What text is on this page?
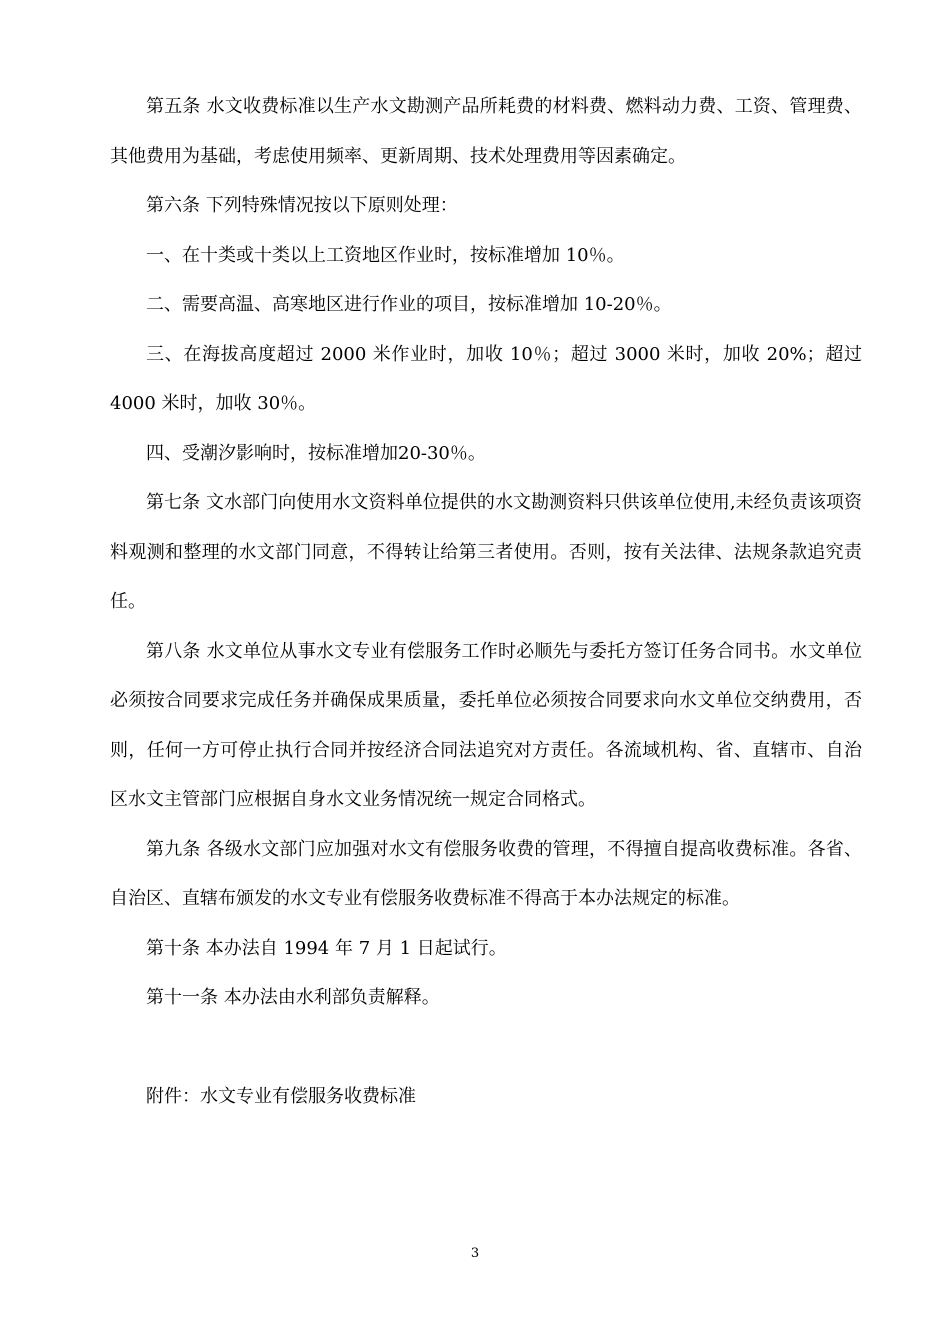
第五条 水文收费标准以生产水文勘测产品所耗费的材料费、燃料动力费、工资、管理费、其他费用为基础，考虑使用频率、更新周期、技术处理费用等因素确定。

第六条 下列特殊情况按以下原则处理：

一、在十类或十类以上工资地区作业时，按标准增加 10％。

二、需要高温、高寒地区进行作业的项目，按标准增加 10-20％。

三、在海拔高度超过 2000 米作业时，加收 10％；超过 3000 米时，加收 20%；超过 4000 米时，加收 30％。

四、受潮汐影响时，按标准增加20-30％。

第七条 文水部门向使用水文资料单位提供的水文勘测资料只供该单位使用,未经负责该项资料观测和整理的水文部门同意，不得转让给第三者使用。否则，按有关法律、法规条款追究责任。

第八条 水文单位从事水文专业有偿服务工作时必顺先与委托方签订任务合同书。水文单位必须按合同要求完成任务并确保成果质量，委托单位必须按合同要求向水文单位交纳费用，否则，任何一方可停止执行合同并按经济合同法追究对方责任。各流域机构、省、直辖市、自治区水文主管部门应根据自身水文业务情况统一规定合同格式。

第九条 各级水文部门应加强对水文有偿服务收费的管理，不得擅自提高收费标准。各省、自治区、直辖布颁发的水文专业有偿服务收费标准不得高于本办法规定的标准。

第十条 本办法自 1994 年 7 月 1 日起试行。

第十一条 本办法由水利部负责解释。

附件：水文专业有偿服务收费标准

3
